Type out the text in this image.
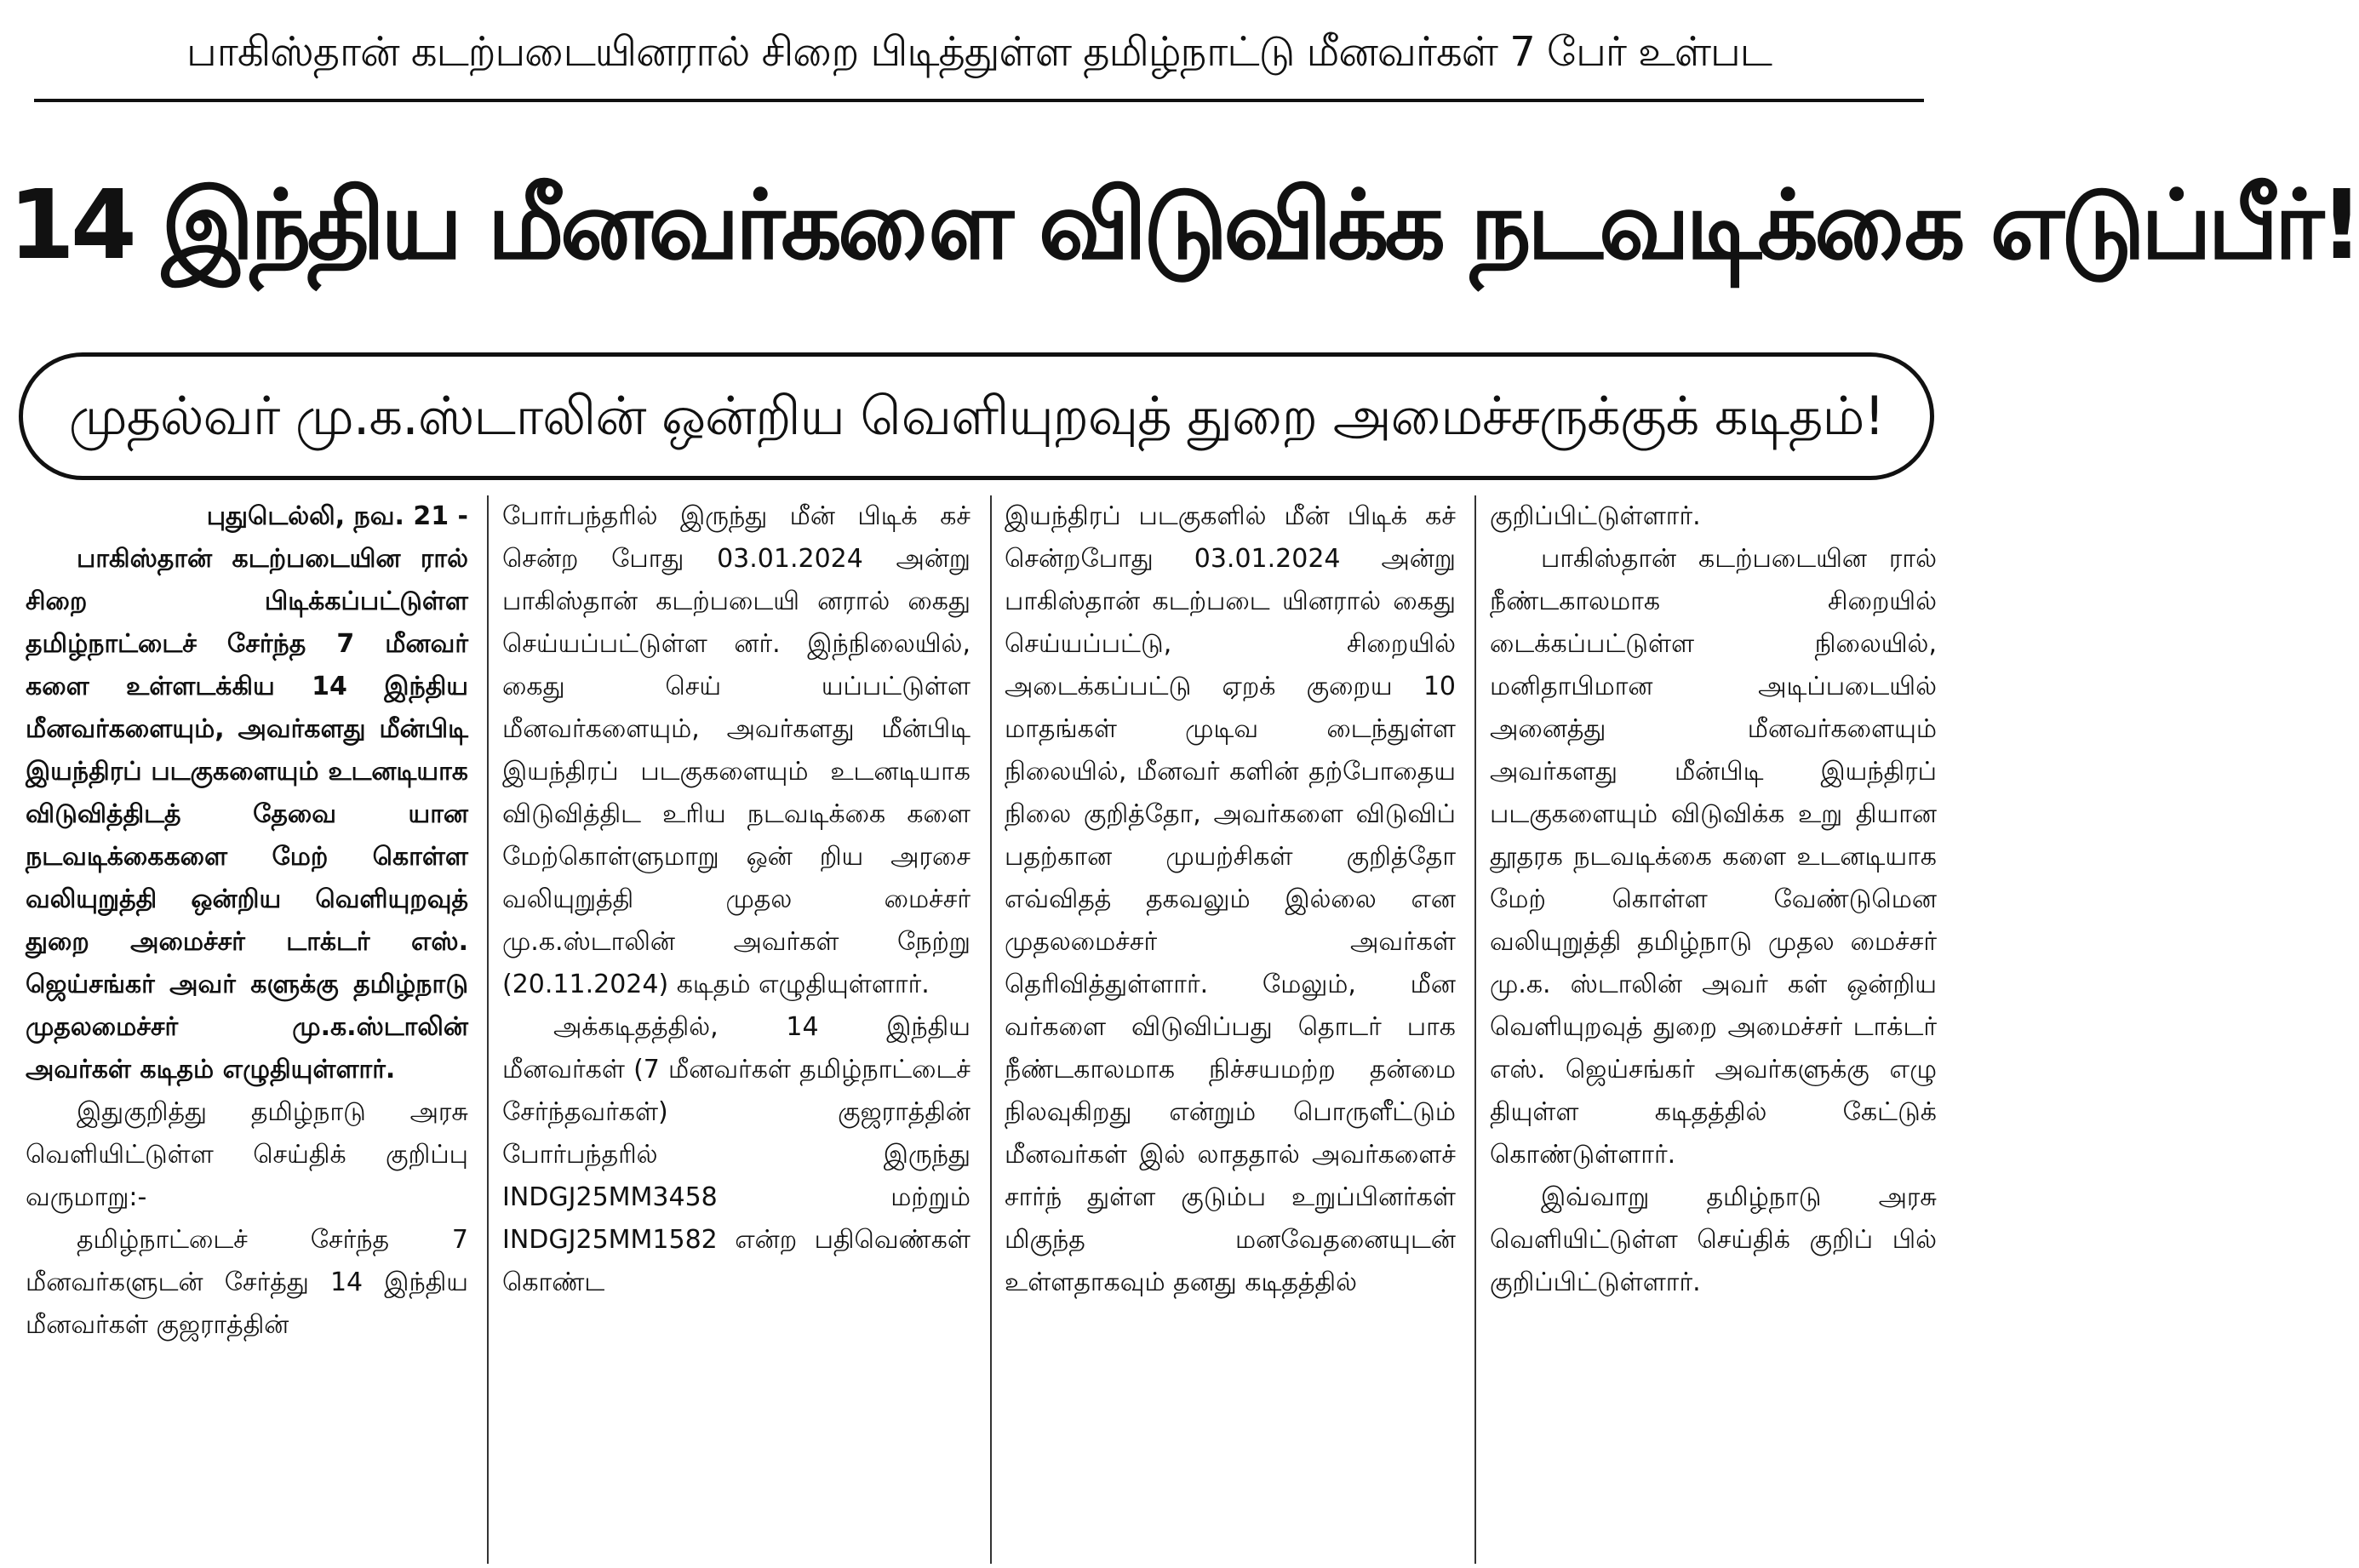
பாகிஸ்தான் கடற்படையினரால் சிறை பிடித்துள்ள தமிழ்நாட்டு மீனவர்கள் 7 பேர் உள்பட
14 இந்திய மீனவர்களை விடுவிக்க நடவடிக்கை எடுப்பீர்!
முதல்வர் மு.க.ஸ்டாலின் ஒன்றிய வெளியுறவுத் துறை அமைச்சருக்குக் கடிதம்!

புதுடெல்லி, நவ. 21 -

பாகிஸ்தான் கடற்படையின ரால் சிறை பிடிக்கப்பட்டுள்ள தமிழ்நாட்டைச் சேர்ந்த 7 மீனவர் களை உள்ளடக்கிய 14 இந்திய மீனவர்களையும், அவர்களது மீன்பிடி இயந்திரப் படகுகளையும் உடனடியாக விடுவித்திடத் தேவை யான நடவடிக்கைகளை மேற் கொள்ள வலியுறுத்தி ஒன்றிய வெளியுறவுத் துறை அமைச்சர் டாக்டர் எஸ். ஜெய்சங்கர் அவர் களுக்கு தமிழ்நாடு முதலமைச்சர் மு.க.ஸ்டாலின் அவர்கள் கடிதம் எழுதியுள்ளார்.

இதுகுறித்து தமிழ்நாடு அரசு வெளியிட்டுள்ள செய்திக் குறிப்பு வருமாறு:-

தமிழ்நாட்டைச் சேர்ந்த 7 மீனவர்களுடன் சேர்த்து 14 இந்திய மீனவர்கள் குஜராத்தின்

போர்பந்தரில் இருந்து மீன் பிடிக் கச் சென்ற போது 03.01.2024 அன்று பாகிஸ்தான் கடற்படையி னரால் கைது செய்யப்பட்டுள்ள னர். இந்நிலையில், கைது செய் யப்பட்டுள்ள மீனவர்களையும், அவர்களது மீன்பிடி இயந்திரப் படகுகளையும் உடனடியாக விடுவித்திட உரிய நடவடிக்கை களை மேற்கொள்ளுமாறு ஒன் றிய அரசை வலியுறுத்தி முதல மைச்சர் மு.க.ஸ்டாலின் அவர்கள் நேற்று (20.11.2024) கடிதம் எழுதியுள்ளார்.

அக்கடிதத்தில், 14 இந்திய மீனவர்கள் (7 மீனவர்கள் தமிழ்நாட்டைச் சேர்ந்தவர்கள்) குஜராத்தின் போர்பந்தரில் இருந்து INDGJ25MM3458 மற்றும் INDGJ25MM1582 என்ற பதிவெண்கள் கொண்ட

இயந்திரப் படகுகளில் மீன் பிடிக் கச் சென்றபோது 03.01.2024 அன்று பாகிஸ்தான் கடற்படை யினரால் கைது செய்யப்பட்டு, சிறையில் அடைக்கப்பட்டு ஏறக் குறைய 10 மாதங்கள் முடிவ டைந்துள்ள நிலையில், மீனவர் களின் தற்போதைய நிலை குறித்தோ, அவர்களை விடுவிப் பதற்கான முயற்சிகள் குறித்தோ எவ்விதத் தகவலும் இல்லை என முதலமைச்சர் அவர்கள் தெரிவித்துள்ளார். மேலும், மீன வர்களை விடுவிப்பது தொடர் பாக நீண்டகாலமாக நிச்சயமற்ற தன்மை நிலவுகிறது என்றும் பொருளீட்டும் மீனவர்கள் இல் லாததால் அவர்களைச் சார்ந் துள்ள குடும்ப உறுப்பினர்கள் மிகுந்த மனவேதனையுடன் உள்ளதாகவும் தனது கடிதத்தில்

குறிப்பிட்டுள்ளார்.

பாகிஸ்தான் கடற்படையின ரால் நீண்டகாலமாக சிறையில் டைக்கப்பட்டுள்ள நிலையில், மனிதாபிமான அடிப்படையில் அனைத்து மீனவர்களையும் அவர்களது மீன்பிடி இயந்திரப் படகுகளையும் விடுவிக்க உறு தியான தூதரக நடவடிக்கை களை உடனடியாக மேற் கொள்ள வேண்டுமென வலியுறுத்தி தமிழ்நாடு முதல மைச்சர் மு.க. ஸ்டாலின் அவர் கள் ஒன்றிய வெளியுறவுத் துறை அமைச்சர் டாக்டர் எஸ். ஜெய்சங்கர் அவர்களுக்கு எழு தியுள்ள கடிதத்தில் கேட்டுக் கொண்டுள்ளார்.

இவ்வாறு தமிழ்நாடு அரசு வெளியிட்டுள்ள செய்திக் குறிப் பில் குறிப்பிட்டுள்ளார்.
